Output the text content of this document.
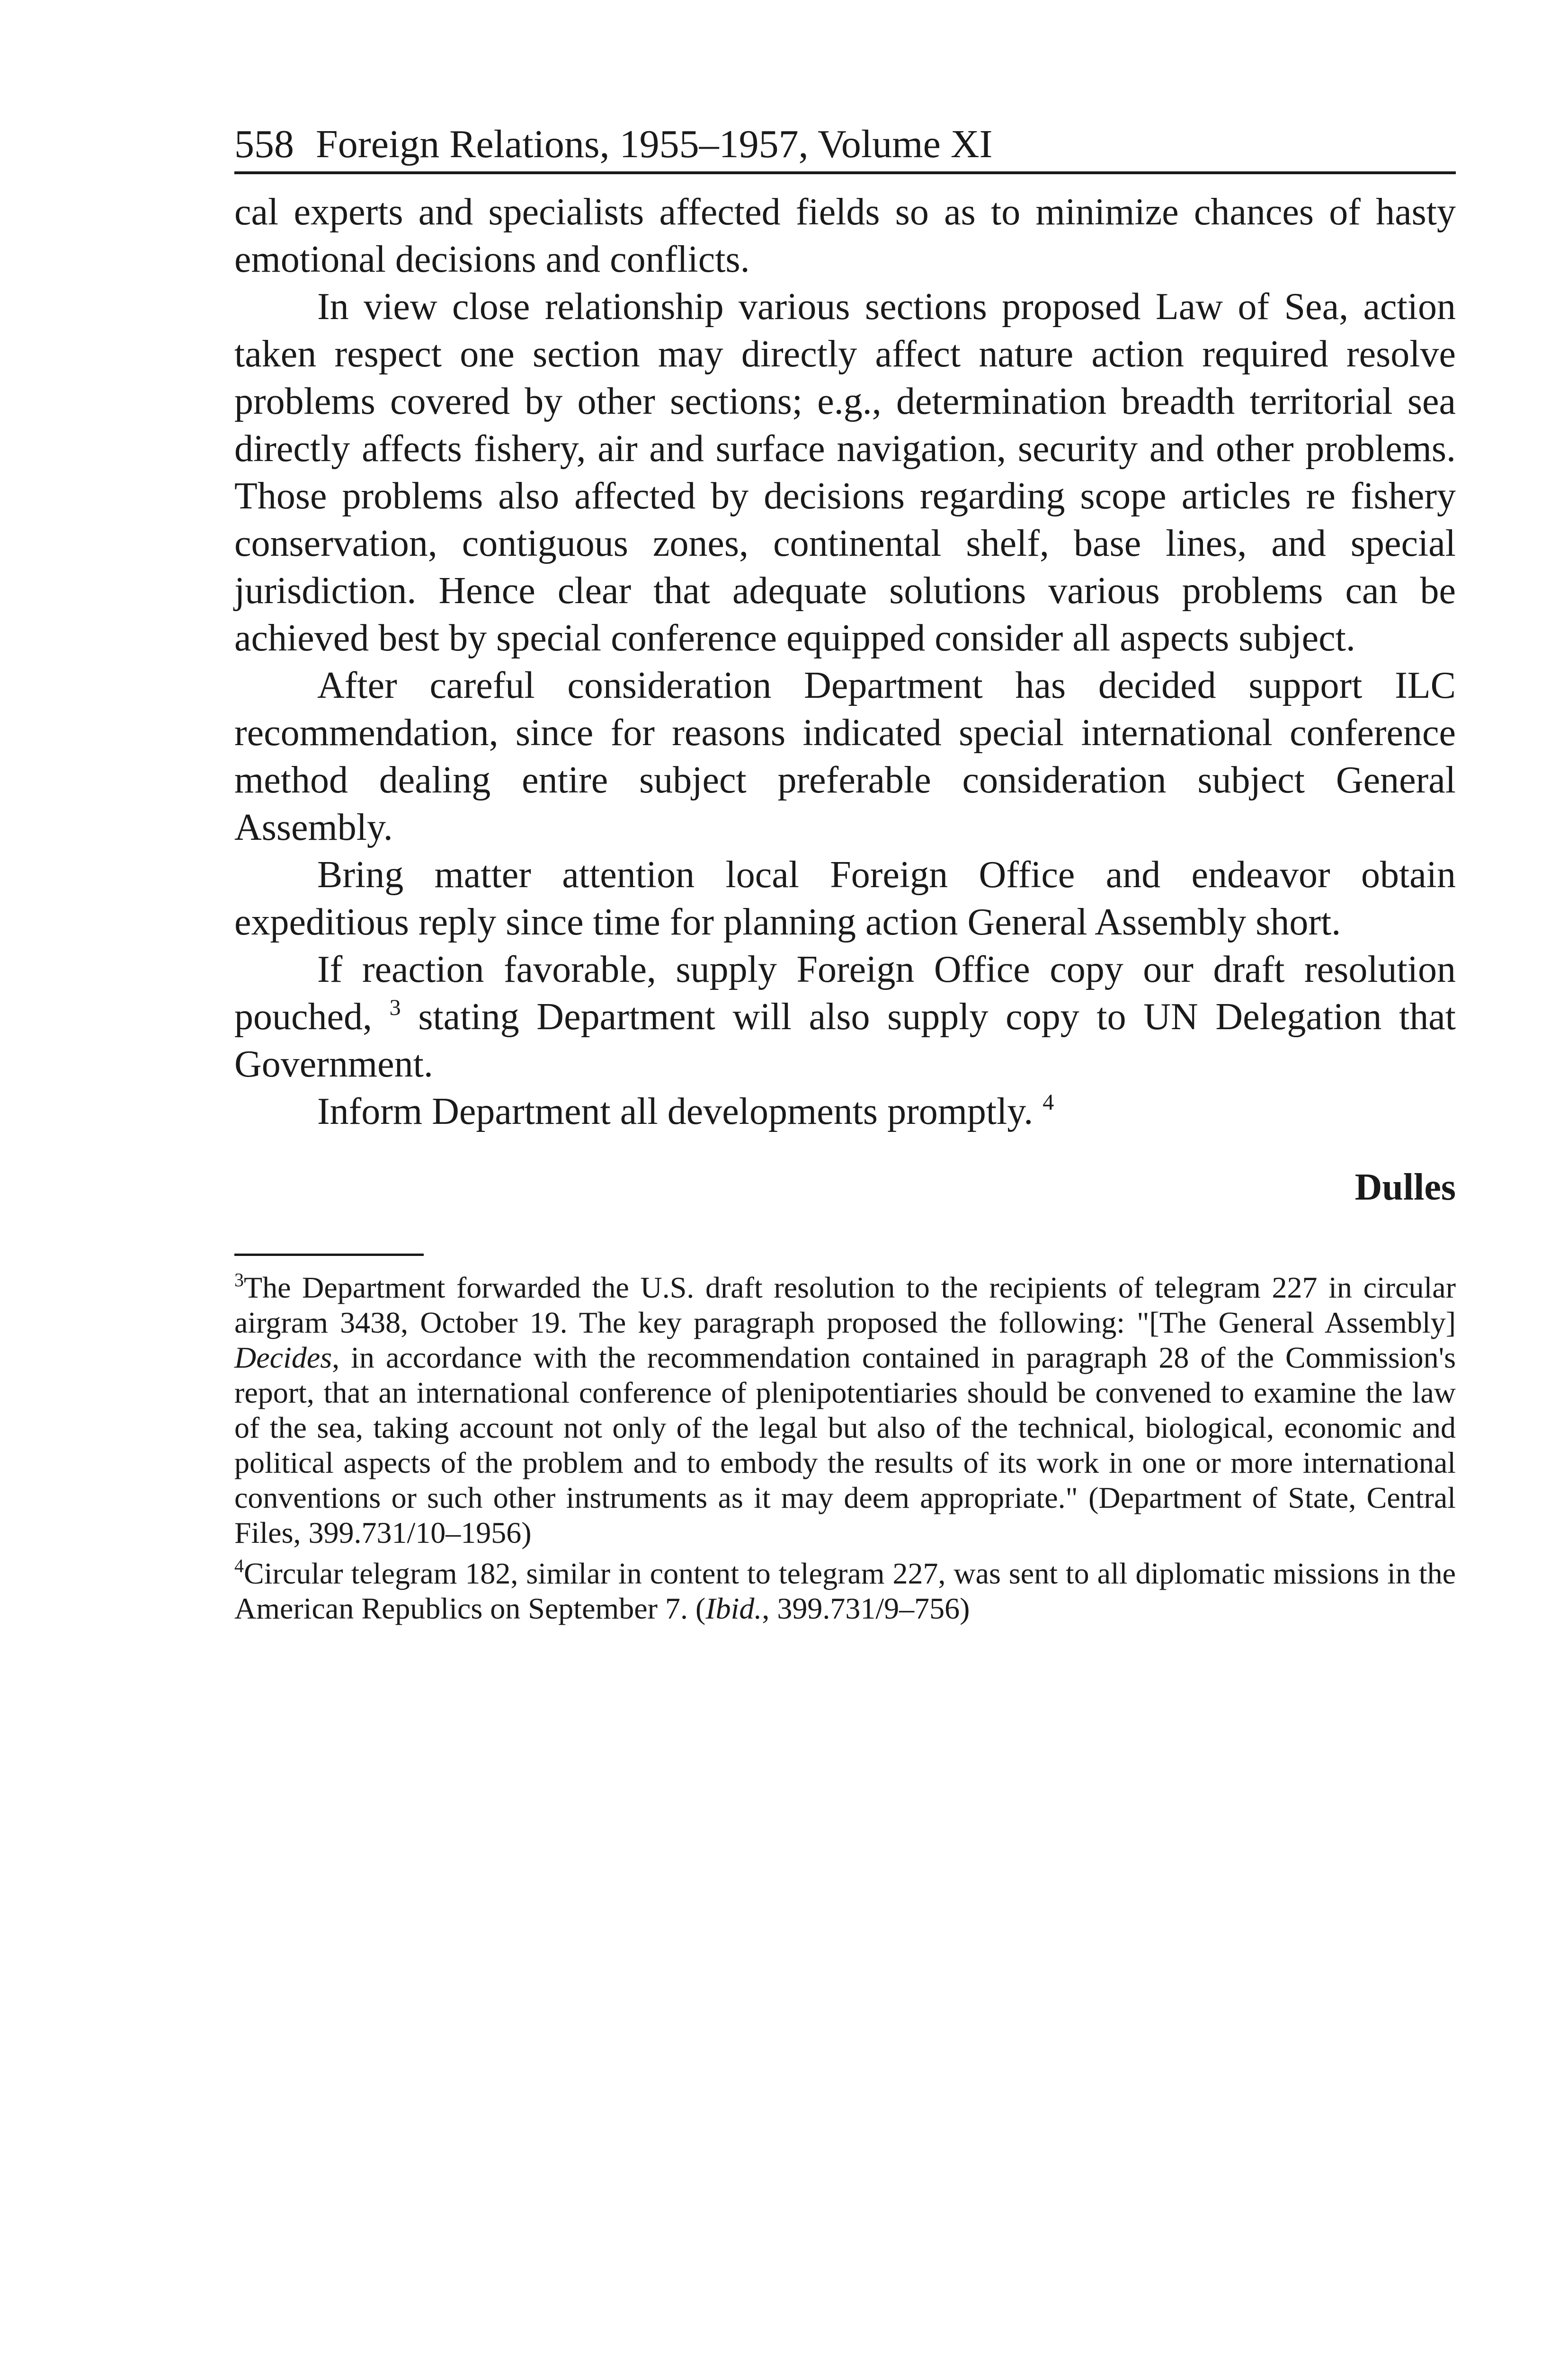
558 Foreign Relations, 1955–1957, Volume XI

cal experts and specialists affected fields so as to minimize chances of hasty emotional decisions and conflicts.

In view close relationship various sections proposed Law of Sea, action taken respect one section may directly affect nature action required resolve problems covered by other sections; e.g., determination breadth territorial sea directly affects fishery, air and surface navigation, security and other problems. Those problems also affected by decisions regarding scope articles re fishery conservation, contiguous zones, continental shelf, base lines, and special jurisdiction. Hence clear that adequate solutions various problems can be achieved best by special conference equipped consider all aspects subject.

After careful consideration Department has decided support ILC recommendation, since for reasons indicated special international conference method dealing entire subject preferable consideration subject General Assembly.

Bring matter attention local Foreign Office and endeavor obtain expeditious reply since time for planning action General Assembly short.

If reaction favorable, supply Foreign Office copy our draft resolution pouched, $^3$ stating Department will also supply copy to UN Delegation that Government.

Inform Department all developments promptly. $^4$

Dulles

$^3$The Department forwarded the U.S. draft resolution to the recipients of telegram 227 in circular airgram 3438, October 19. The key paragraph proposed the following: "[The General Assembly] Decides, in accordance with the recommendation contained in paragraph 28 of the Commission's report, that an international conference of plenipotentiaries should be convened to examine the law of the sea, taking account not only of the legal but also of the technical, biological, economic and political aspects of the problem and to embody the results of its work in one or more international conventions or such other instruments as it may deem appropriate." (Department of State, Central Files, 399.731/10–1956)

$^4$Circular telegram 182, similar in content to telegram 227, was sent to all diplomatic missions in the American Republics on September 7. (Ibid., 399.731/9–756)
